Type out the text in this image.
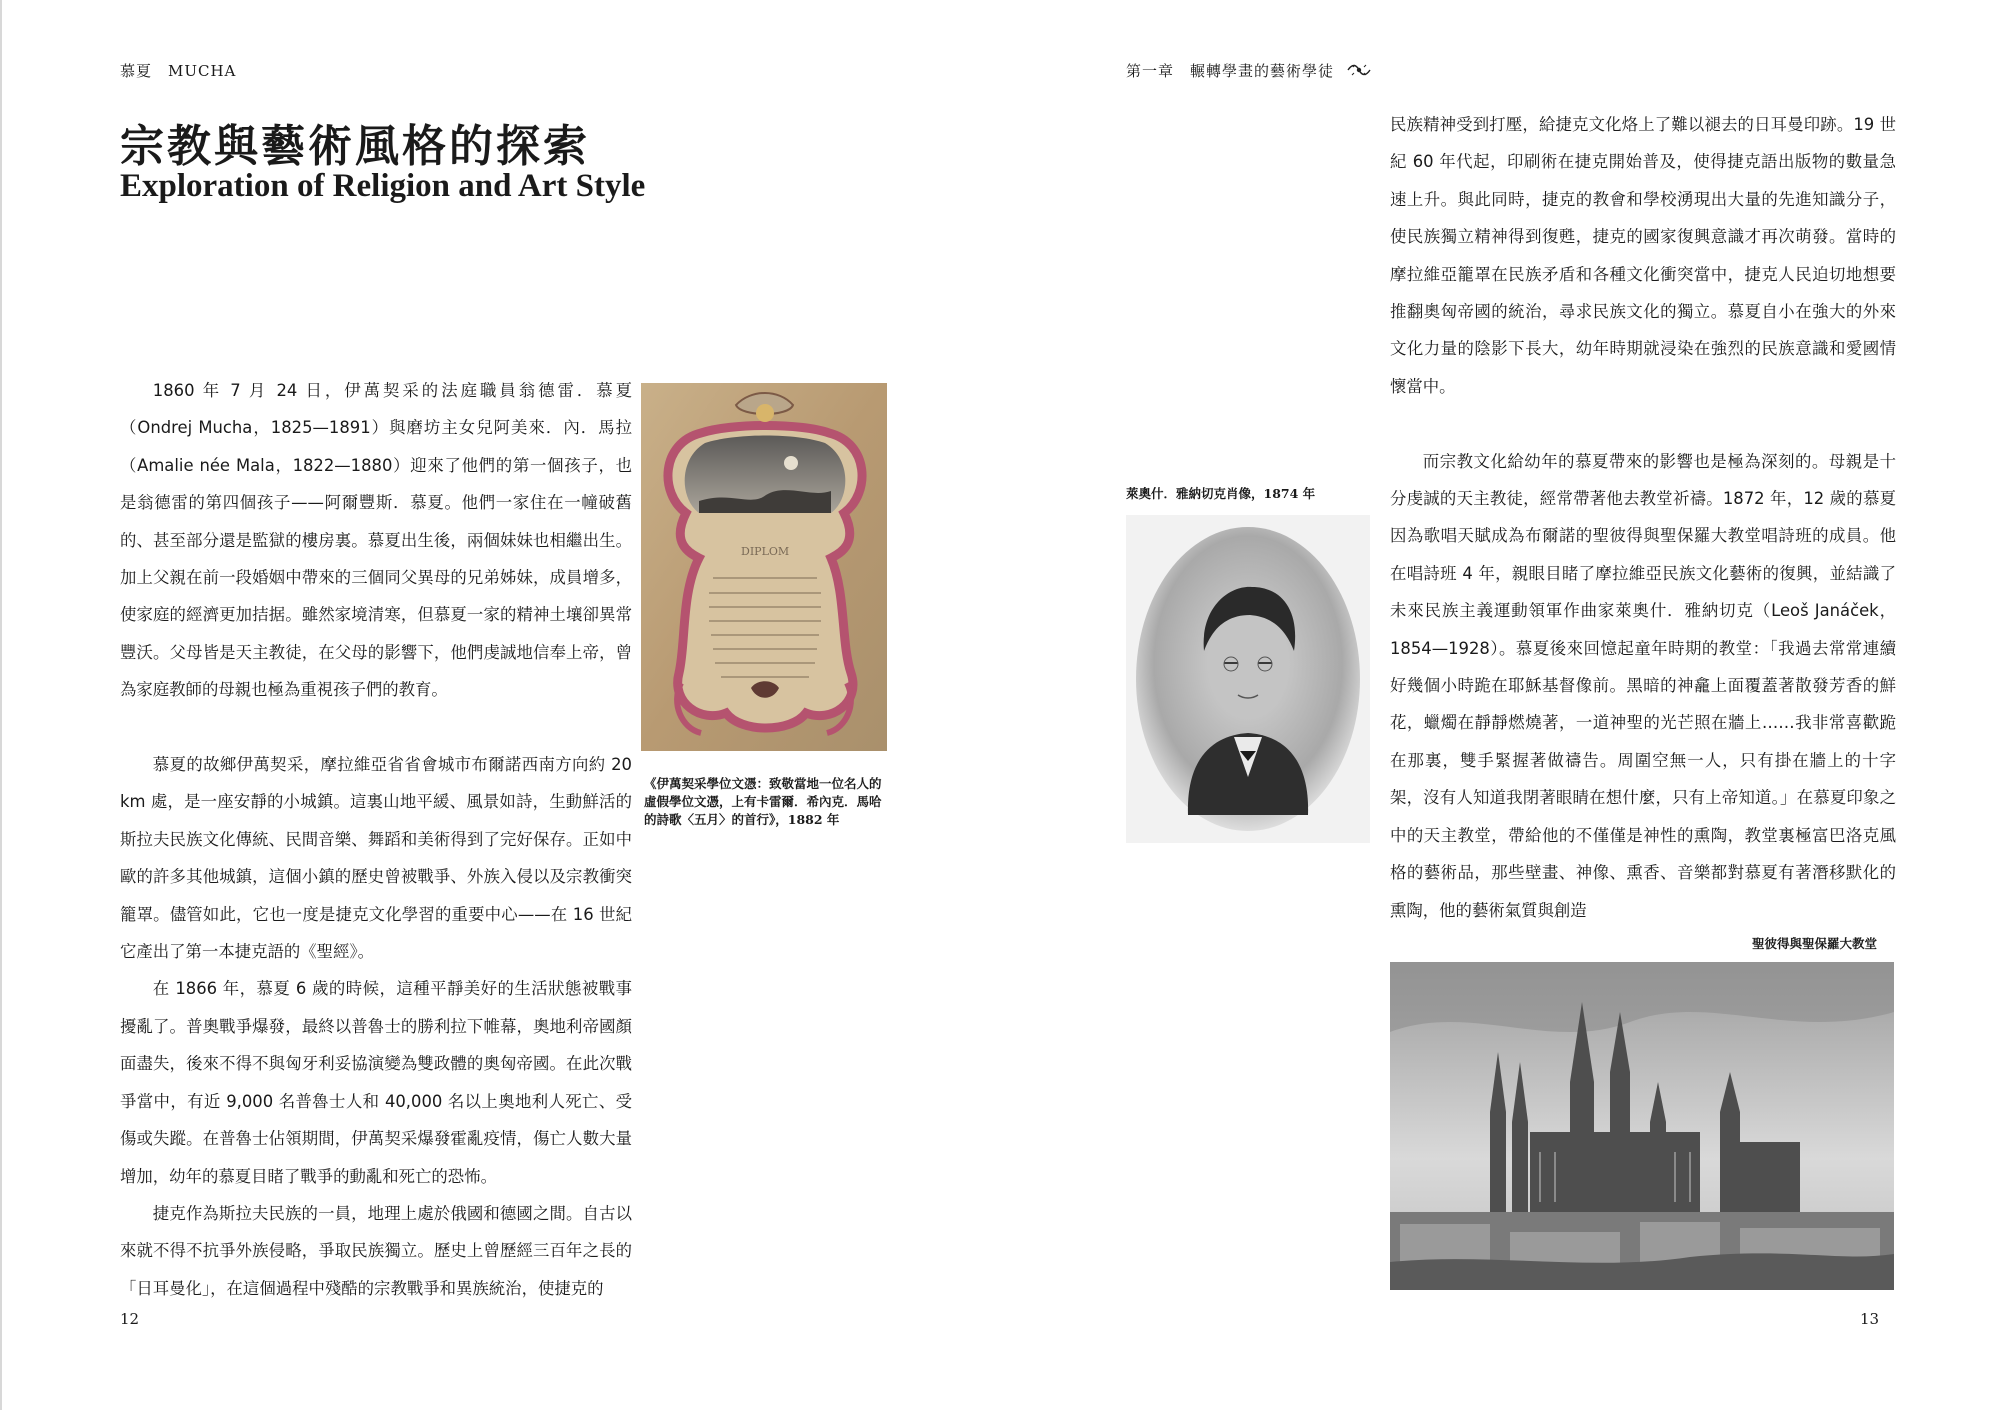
慕夏　MUCHA
宗教與藝術風格的探索
Exploration of Religion and Art Style

1860 年 7 月 24 日，伊萬契采的法庭職員翁德雷．慕夏（Ondrej Mucha，1825—1891）與磨坊主女兒阿美來．內．馬拉（Amalie née Mala，1822—1880）迎來了他們的第一個孩子，也是翁德雷的第四個孩子——阿爾豐斯．慕夏。他們一家住在一幢破舊的、甚至部分還是監獄的樓房裏。慕夏出生後，兩個妹妹也相繼出生。加上父親在前一段婚姻中帶來的三個同父異母的兄弟姊妹，成員增多，使家庭的經濟更加拮据。雖然家境清寒，但慕夏一家的精神土壤卻異常豐沃。父母皆是天主教徒，在父母的影響下，他們虔誠地信奉上帝，曾為家庭教師的母親也極為重視孩子們的教育。

慕夏的故鄉伊萬契采，摩拉維亞省省會城市布爾諾西南方向約 20 km 處，是一座安靜的小城鎮。這裏山地平緩、風景如詩，生動鮮活的斯拉夫民族文化傳統、民間音樂、舞蹈和美術得到了完好保存。正如中歐的許多其他城鎮，這個小鎮的歷史曾被戰爭、外族入侵以及宗教衝突籠罩。儘管如此，它也一度是捷克文化學習的重要中心——在 16 世紀它產出了第一本捷克語的《聖經》。

在 1866 年，慕夏 6 歲的時候，這種平靜美好的生活狀態被戰事擾亂了。普奧戰爭爆發，最終以普魯士的勝利拉下帷幕，奧地利帝國顏面盡失，後來不得不與匈牙利妥協演變為雙政體的奧匈帝國。在此次戰爭當中，有近 9,000 名普魯士人和 40,000 名以上奧地利人死亡、受傷或失蹤。在普魯士佔領期間，伊萬契采爆發霍亂疫情，傷亡人數大量增加，幼年的慕夏目睹了戰爭的動亂和死亡的恐怖。

捷克作為斯拉夫民族的一員，地理上處於俄國和德國之間。自古以來就不得不抗爭外族侵略，爭取民族獨立。歷史上曾歷經三百年之長的「日耳曼化」，在這個過程中殘酷的宗教戰爭和異族統治，使捷克的

DIPLOM
《伊萬契采學位文憑：致敬當地一位名人的虛假學位文憑，上有卡雷爾．希內克．馬哈的詩歌〈五月〉的首行》，1882 年
12
第一章　輾轉學畫的藝術學徒

民族精神受到打壓，給捷克文化烙上了難以褪去的日耳曼印跡。19 世紀 60 年代起，印刷術在捷克開始普及，使得捷克語出版物的數量急速上升。與此同時，捷克的教會和學校湧現出大量的先進知識分子，使民族獨立精神得到復甦，捷克的國家復興意識才再次萌發。當時的摩拉維亞籠罩在民族矛盾和各種文化衝突當中，捷克人民迫切地想要推翻奧匈帝國的統治，尋求民族文化的獨立。慕夏自小在強大的外來文化力量的陰影下長大，幼年時期就浸染在強烈的民族意識和愛國情懷當中。

而宗教文化給幼年的慕夏帶來的影響也是極為深刻的。母親是十分虔誠的天主教徒，經常帶著他去教堂祈禱。1872 年，12 歲的慕夏因為歌唱天賦成為布爾諾的聖彼得與聖保羅大教堂唱詩班的成員。他在唱詩班 4 年，親眼目睹了摩拉維亞民族文化藝術的復興，並結識了未來民族主義運動領軍作曲家萊奧什．雅納切克（Leoš Janáček，1854—1928）。慕夏後來回憶起童年時期的教堂：「我過去常常連續好幾個小時跪在耶穌基督像前。黑暗的神龕上面覆蓋著散發芳香的鮮花，蠟燭在靜靜燃燒著，一道神聖的光芒照在牆上……我非常喜歡跪在那裏，雙手緊握著做禱告。周圍空無一人，只有掛在牆上的十字架，沒有人知道我閉著眼睛在想什麼，只有上帝知道。」在慕夏印象之中的天主教堂，帶給他的不僅僅是神性的熏陶，教堂裏極富巴洛克風格的藝術品，那些壁畫、神像、熏香、音樂都對慕夏有著潛移默化的熏陶，他的藝術氣質與創造

萊奧什．雅納切克肖像，1874 年
聖彼得與聖保羅大教堂
13
